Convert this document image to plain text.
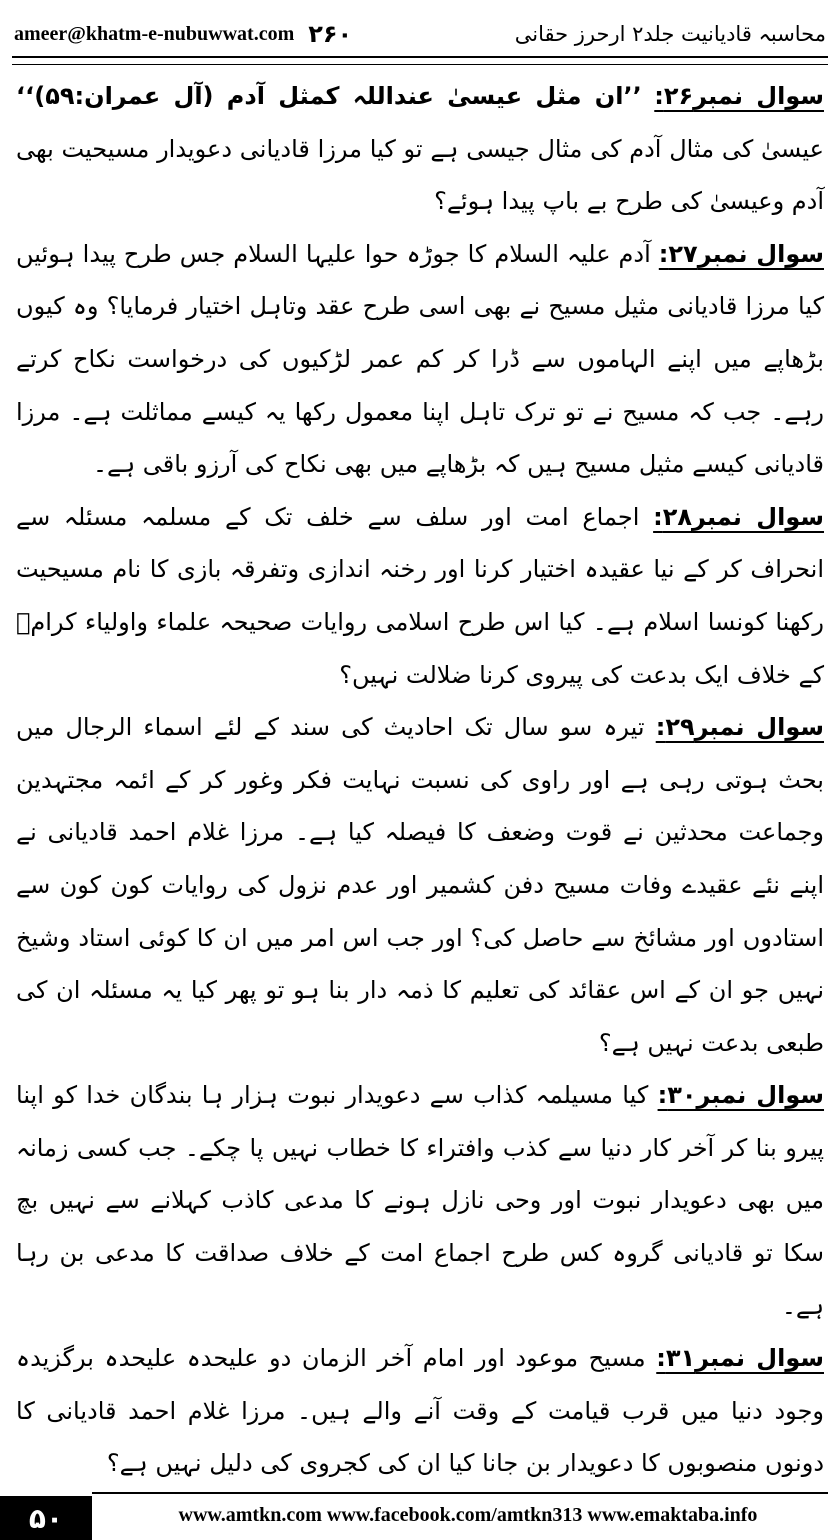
ameer@khatm-e-nubuwwat.com ۲۶۰	محاسبہ قادیانیت جلد۲ ارحرز حقانی

سوال نمبر۲۶: ’’ان مثل عیسیٰ عنداللہ کمثل آدم (آل عمران:۵۹)‘‘ عیسیٰ کی مثال آدم کی مثال جیسی ہے تو کیا مرزا قادیانی دعویدار مسیحیت بھی آدم وعیسیٰ کی طرح بے باپ پیدا ہوئے؟

سوال نمبر۲۷: آدم علیہ السلام کا جوڑہ حوا علیہا السلام جس طرح پیدا ہوئیں کیا مرزا قادیانی مثیل مسیح نے بھی اسی طرح عقد وتاہل اختیار فرمایا؟ وہ کیوں بڑھاپے میں اپنے الہاموں سے ڈرا کر کم عمر لڑکیوں کی درخواست نکاح کرتے رہے۔ جب کہ مسیح نے تو ترک تاہل اپنا معمول رکھا یہ کیسے مماثلت ہے۔ مرزا قادیانی کیسے مثیل مسیح ہیں کہ بڑھاپے میں بھی نکاح کی آرزو باقی ہے۔

سوال نمبر۲۸: اجماع امت اور سلف سے خلف تک کے مسلمہ مسئلہ سے انحراف کر کے نیا عقیدہ اختیار کرنا اور رخنہ اندازی وتفرقہ بازی کا نام مسیحیت رکھنا کونسا اسلام ہے۔ کیا اس طرح اسلامی روایات صحیحہ علماء واولیاء کرامؒ کے خلاف ایک بدعت کی پیروی کرنا ضلالت نہیں؟

سوال نمبر۲۹: تیرہ سو سال تک احادیث کی سند کے لئے اسماء الرجال میں بحث ہوتی رہی ہے اور راوی کی نسبت نہایت فکر وغور کر کے ائمہ مجتہدین وجماعت محدثین نے قوت وضعف کا فیصلہ کیا ہے۔ مرزا غلام احمد قادیانی نے اپنے نئے عقیدے وفات مسیح دفن کشمیر اور عدم نزول کی روایات کون کون سے استادوں اور مشائخ سے حاصل کی؟ اور جب اس امر میں ان کا کوئی استاد وشیخ نہیں جو ان کے اس عقائد کی تعلیم کا ذمہ دار بنا ہو تو پھر کیا یہ مسئلہ ان کی طبعی بدعت نہیں ہے؟

سوال نمبر۳۰: کیا مسیلمہ کذاب سے دعویدار نبوت ہزار ہا بندگان خدا کو اپنا پیرو بنا کر آخر کار دنیا سے کذب وافتراء کا خطاب نہیں پا چکے۔ جب کسی زمانہ میں بھی دعویدار نبوت اور وحی نازل ہونے کا مدعی کاذب کہلانے سے نہیں بچ سکا تو قادیانی گروہ کس طرح اجماع امت کے خلاف صداقت کا مدعی بن رہا ہے۔

سوال نمبر۳۱: مسیح موعود اور امام آخر الزمان دو علیحدہ علیحدہ برگزیدہ وجود دنیا میں قرب قیامت کے وقت آنے والے ہیں۔ مرزا غلام احمد قادیانی کا دونوں منصوبوں کا دعویدار بن جانا کیا ان کی کجروی کی دلیل نہیں ہے؟

۵۰	www.amtkn.com www.facebook.com/amtkn313 www.emaktaba.info
